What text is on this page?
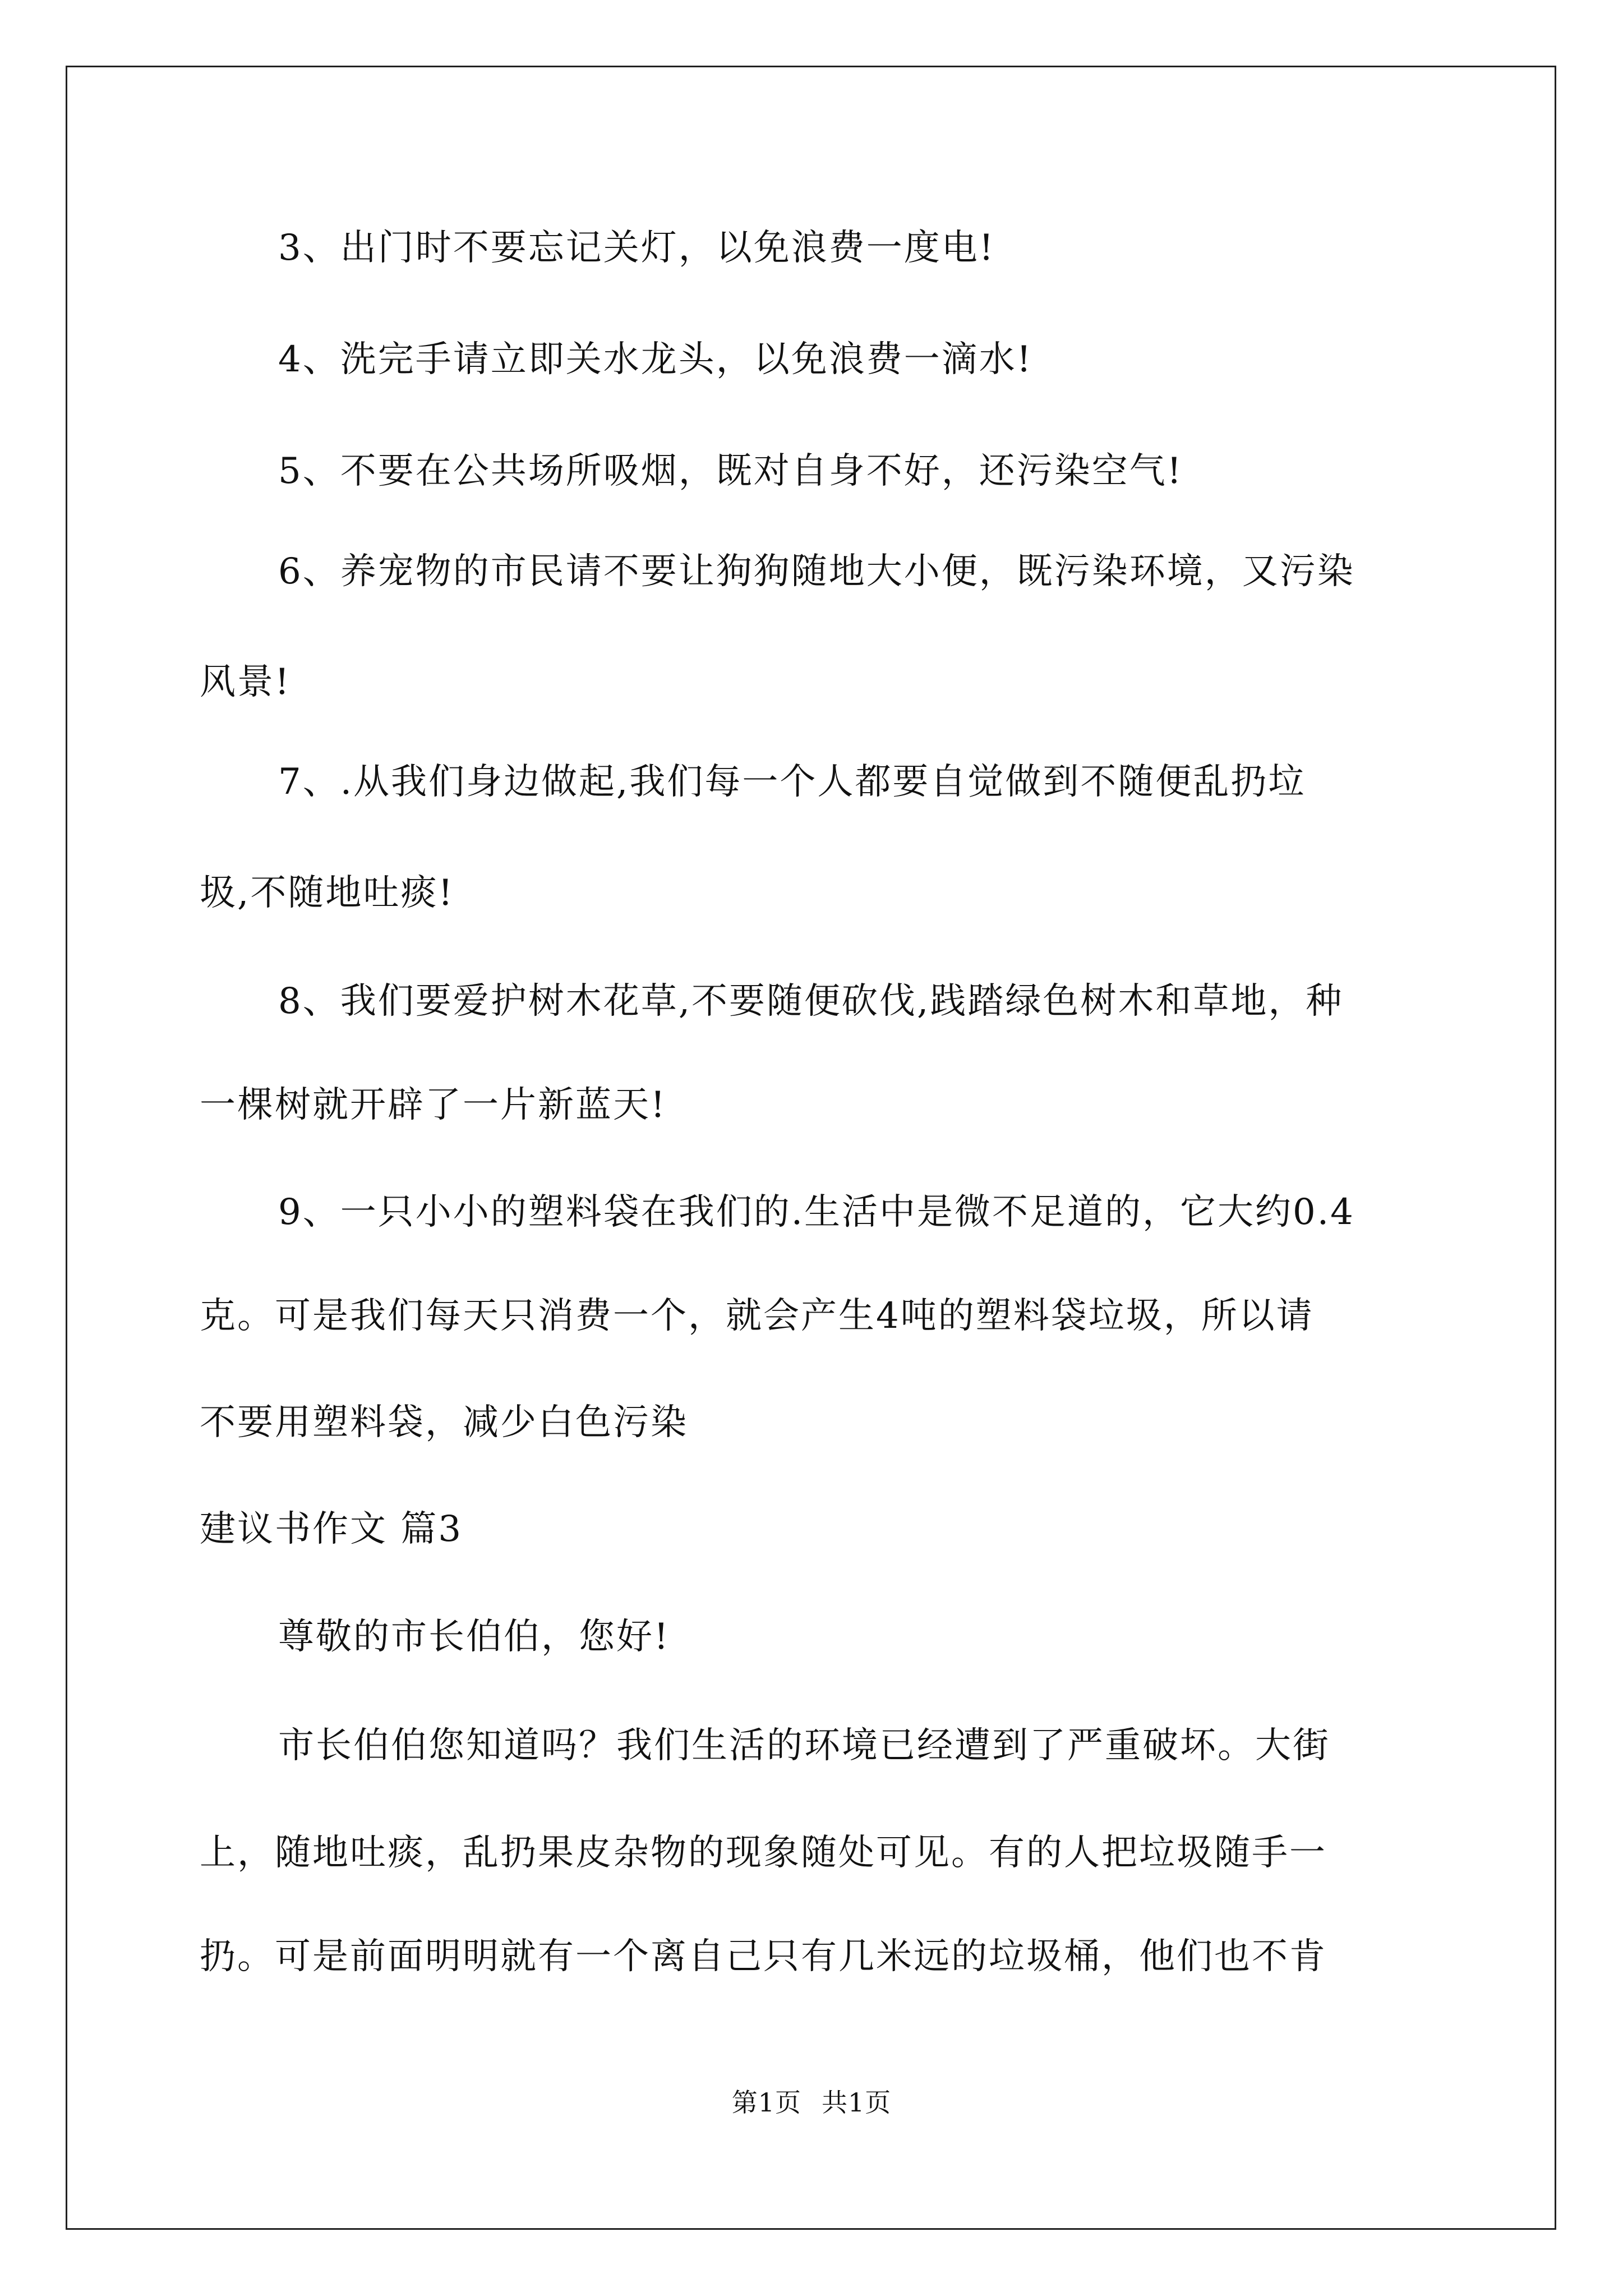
3、出门时不要忘记关灯，以免浪费一度电!
4、洗完手请立即关水龙头，以免浪费一滴水!
5、不要在公共场所吸烟，既对自身不好，还污染空气!
6、养宠物的市民请不要让狗狗随地大小便，既污染环境，又污染
风景!
7、.从我们身边做起,我们每一个人都要自觉做到不随便乱扔垃
圾,不随地吐痰!
8、我们要爱护树木花草,不要随便砍伐,践踏绿色树木和草地，种
一棵树就开辟了一片新蓝天!
9、一只小小的塑料袋在我们的.生活中是微不足道的，它大约0.4
克。可是我们每天只消费一个，就会产生4吨的塑料袋垃圾，所以请
不要用塑料袋，减少白色污染
建议书作文 篇3
尊敬的市长伯伯，您好!
市长伯伯您知道吗？我们生活的环境已经遭到了严重破坏。大街
上，随地吐痰，乱扔果皮杂物的现象随处可见。有的人把垃圾随手一
扔。可是前面明明就有一个离自己只有几米远的垃圾桶，他们也不肯
第1页 共1页
